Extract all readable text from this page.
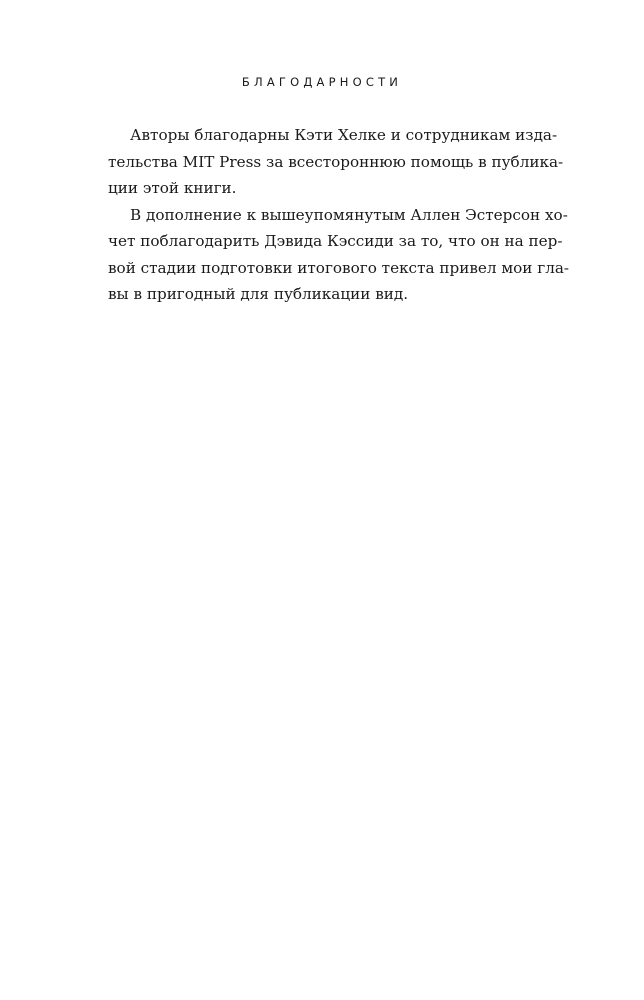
БЛАГОДАРНОСТИ

Авторы благодарны Кэти Хелке и сотрудникам изда-
тельства MIT Press за всестороннюю помощь в публика-
ции этой книги.

В дополнение к вышеупомянутым Аллен Эстерсон хо-
чет поблагодарить Дэвида Кэссиди за то, что он на пер-
вой стадии подготовки итогового текста привел мои гла-
вы в пригодный для публикации вид.
